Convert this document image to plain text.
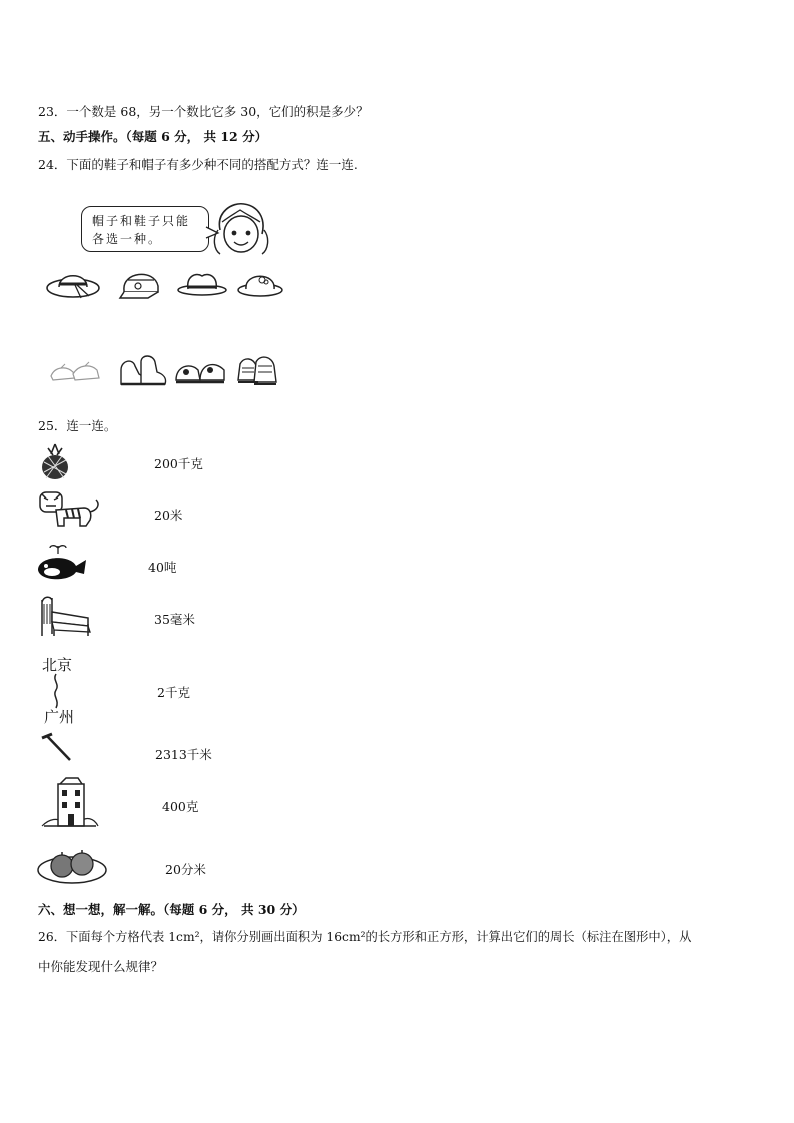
23．一个数是 68，另一个数比它多 30，它们的积是多少？
五、动手操作。（每题 6 分， 共 12 分）
24．下面的鞋子和帽子有多少种不同的搭配方式？连一连.
帽子和鞋子只能
各选一种。
25．连一连。
北京
广州
200千克
20米
40吨
35毫米
2千克
2313千米
400克
20分米
六、想一想，解一解。（每题 6 分， 共 30 分）
26．下面每个方格代表 1cm²，请你分别画出面积为 16cm²的长方形和正方形，计算出它们的周长（标注在图形中），从
中你能发现什么规律？
